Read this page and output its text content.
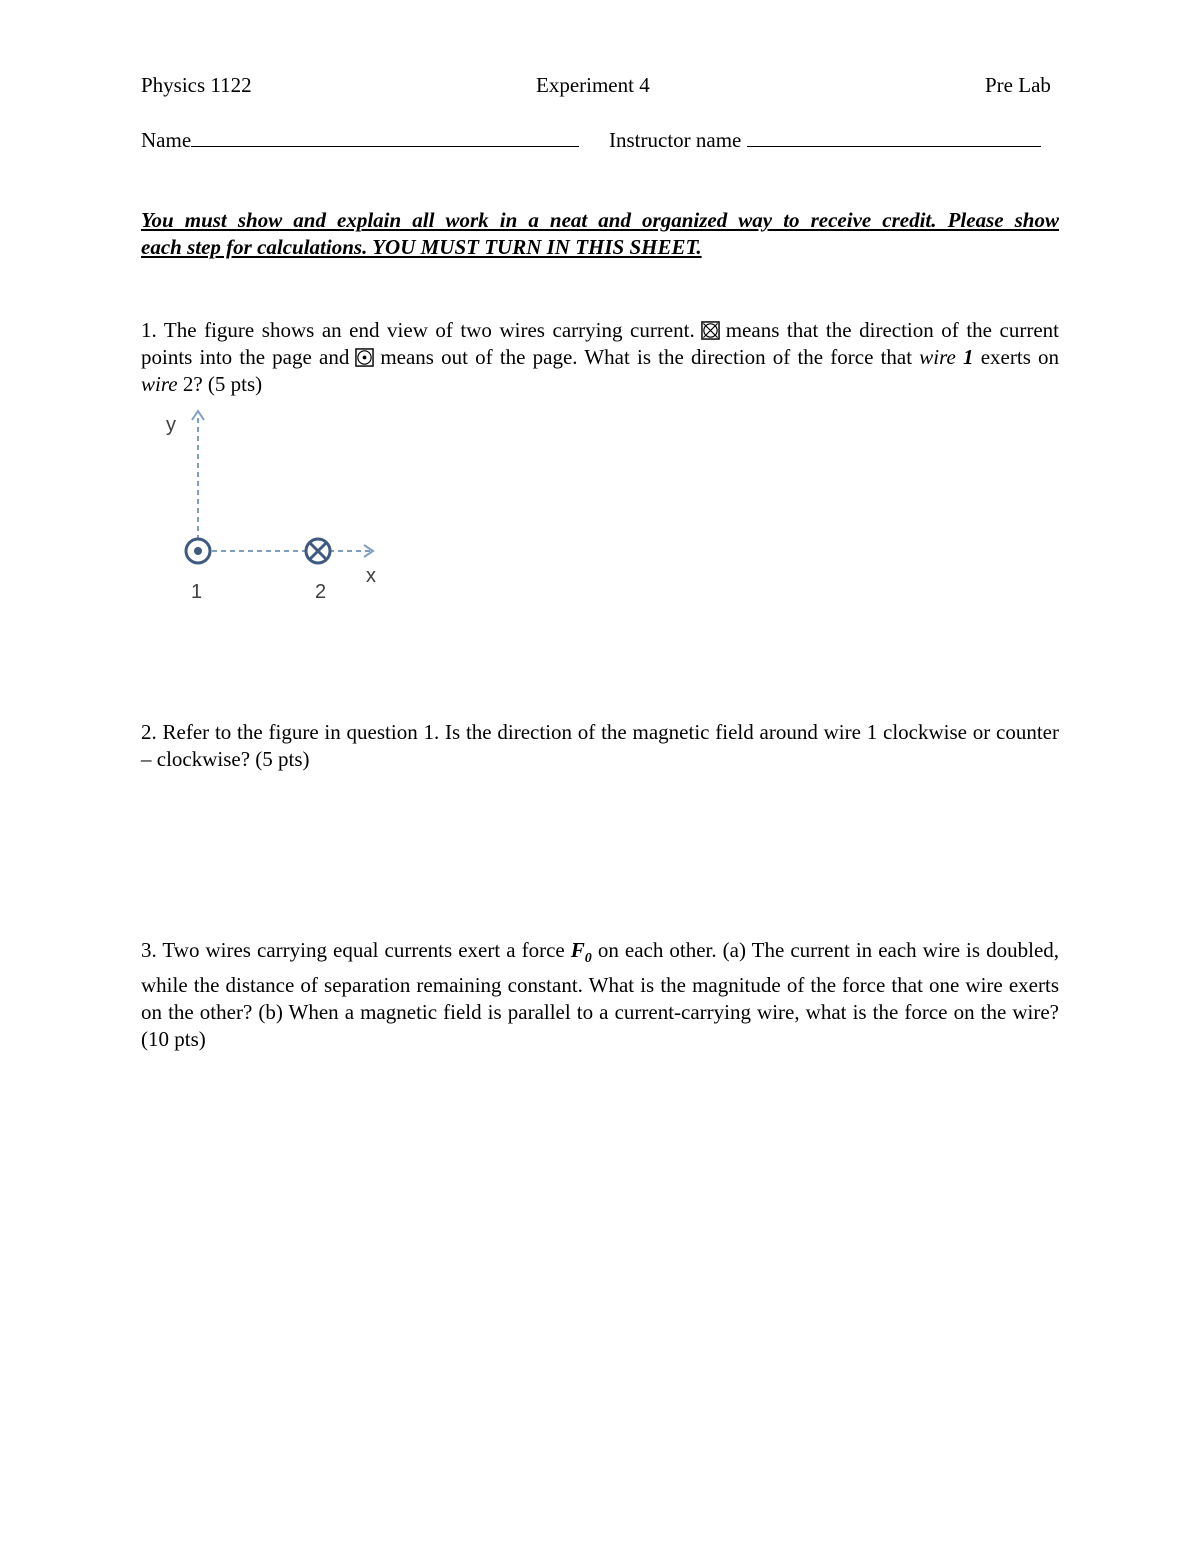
Physics 1122	Experiment 4	Pre Lab
Name	Instructor name
You must show and explain all work in a neat and organized way to receive credit. Please show
each step for calculations. YOU MUST TURN IN THIS SHEET.
1. The figure shows an end view of two wires carrying current. means that the direction of the current points into the page and means out of the page. What is the direction of the force that wire 1 exerts on wire 2? (5 pts)
y
x
1	2
2. Refer to the figure in question 1. Is the direction of the magnetic field around wire 1 clockwise or counter – clockwise? (5 pts)
3. Two wires carrying equal currents exert a force $F_0$ on each other. (a) The current in each wire is doubled, while the distance of separation remaining constant. What is the magnitude of the force that one wire exerts on the other? (b) When a magnetic field is parallel to a current-carrying wire, what is the force on the wire? (10 pts)
